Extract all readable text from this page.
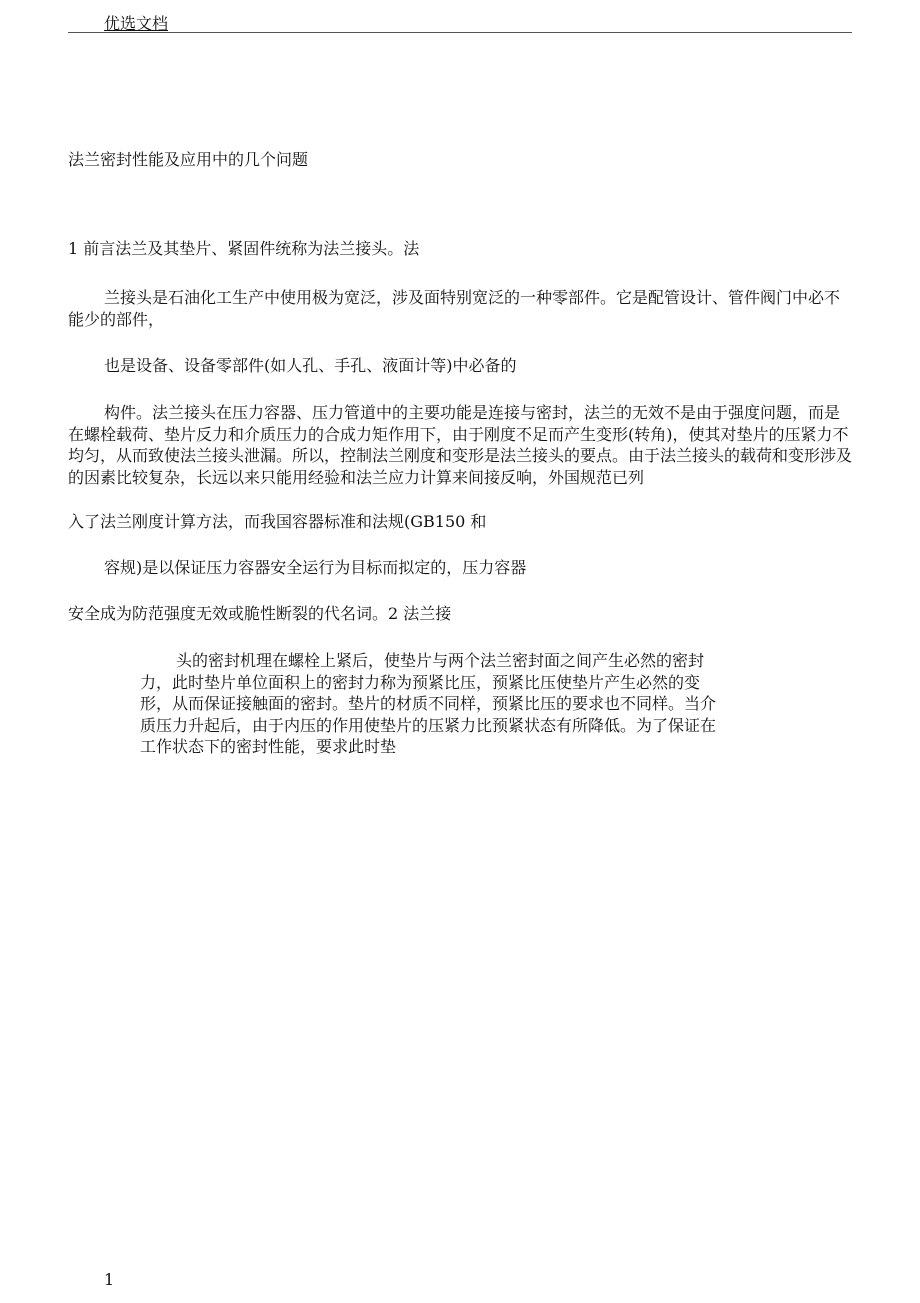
优选文档
法兰密封性能及应用中的几个问题
1 前言法兰及其垫片、紧固件统称为法兰接头。法
兰接头是石油化工生产中使用极为宽泛，涉及面特别宽泛的一种零部件。它是配管设计、管件阀门中必不能少的部件，
也是设备、设备零部件(如人孔、手孔、液面计等)中必备的
构件。法兰接头在压力容器、压力管道中的主要功能是连接与密封，法兰的无效不是由于强度问题，而是在螺栓载荷、垫片反力和介质压力的合成力矩作用下，由于刚度不足而产生变形(转角)，使其对垫片的压紧力不均匀，从而致使法兰接头泄漏。所以，控制法兰刚度和变形是法兰接头的要点。由于法兰接头的载荷和变形涉及的因素比较复杂，长远以来只能用经验和法兰应力计算来间接反响，外国规范已列
入了法兰刚度计算方法，而我国容器标准和法规(GB150 和
容规)是以保证压力容器安全运行为目标而拟定的，压力容器
安全成为防范强度无效或脆性断裂的代名词。2 法兰接
头的密封机理在螺栓上紧后，使垫片与两个法兰密封面之间产生必然的密封力，此时垫片单位面积上的密封力称为预紧比压，预紧比压使垫片产生必然的变形，从而保证接触面的密封。垫片的材质不同样，预紧比压的要求也不同样。当介质压力升起后，由于内压的作用使垫片的压紧力比预紧状态有所降低。为了保证在工作状态下的密封性能，要求此时垫
1
